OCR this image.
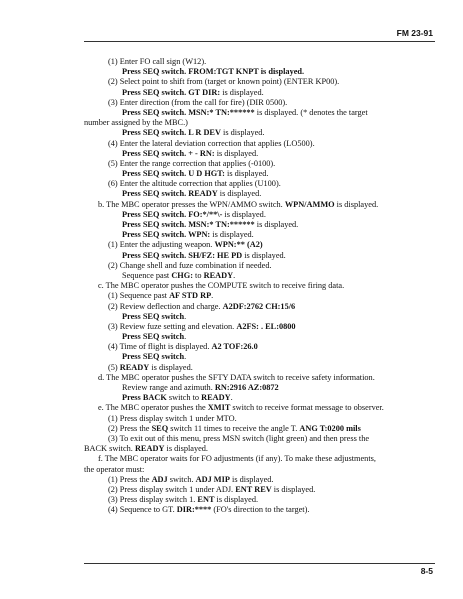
FM 23-91
(1) Enter FO call sign (W12).
Press SEQ switch. FROM:TGT KNPT is displayed.
(2) Select point to shift from (target or known point) (ENTER KP00).
Press SEQ switch. GT DIR: is displayed.
(3) Enter direction (from the call for fire) (DIR 0500).
Press SEQ switch. MSN:* TN:****** is displayed. (* denotes the target
number assigned by the MBC.)
Press SEQ switch. L R DEV is displayed.
(4) Enter the lateral deviation correction that applies (LO500).
Press SEQ switch. + - RN: is displayed.
(5) Enter the range correction that applies (-0100).
Press SEQ switch. U D HGT: is displayed.
(6) Enter the altitude correction that applies (U100).
Press SEQ switch. READY is displayed.
b. The MBC operator presses the WPN/AMMO switch. WPN/AMMO is displayed.
Press SEQ switch. FO:*/**\- is displayed.
Press SEQ switch. MSN:* TN:****** is displayed.
Press SEQ switch. WPN: is displayed.
(1) Enter the adjusting weapon. WPN:** (A2)
Press SEQ switch. SH/FZ: HE PD is displayed.
(2) Change shell and fuze combination if needed.
Sequence past CHG: to READY.
c. The MBC operator pushes the COMPUTE switch to receive firing data.
(1) Sequence past AF STD RP.
(2) Review deflection and charge. A2DF:2762 CH:15/6
Press SEQ switch.
(3) Review fuze setting and elevation. A2FS: . EL:0800
Press SEQ switch.
(4) Time of flight is displayed. A2 TOF:26.0
Press SEQ switch.
(5) READY is displayed.
d. The MBC operator pushes the SFTY DATA switch to receive safety information.
Review range and azimuth. RN:2916 AZ:0872
Press BACK switch to READY.
e. The MBC operator pushes the XMIT switch to receive format message to observer.
(1) Press display switch 1 under MTO.
(2) Press the SEQ switch 11 times to receive the angle T. ANG T:0200 mils
(3) To exit out of this menu, press MSN switch (light green) and then press the
BACK switch. READY is displayed.
f. The MBC operator waits for FO adjustments (if any). To make these adjustments,
the operator must:
(1) Press the ADJ switch. ADJ MIP is displayed.
(2) Press display switch 1 under ADJ. ENT REV is displayed.
(3) Press display switch 1. ENT is displayed.
(4) Sequence to GT. DIR:**** (FO's direction to the target).
8-5
